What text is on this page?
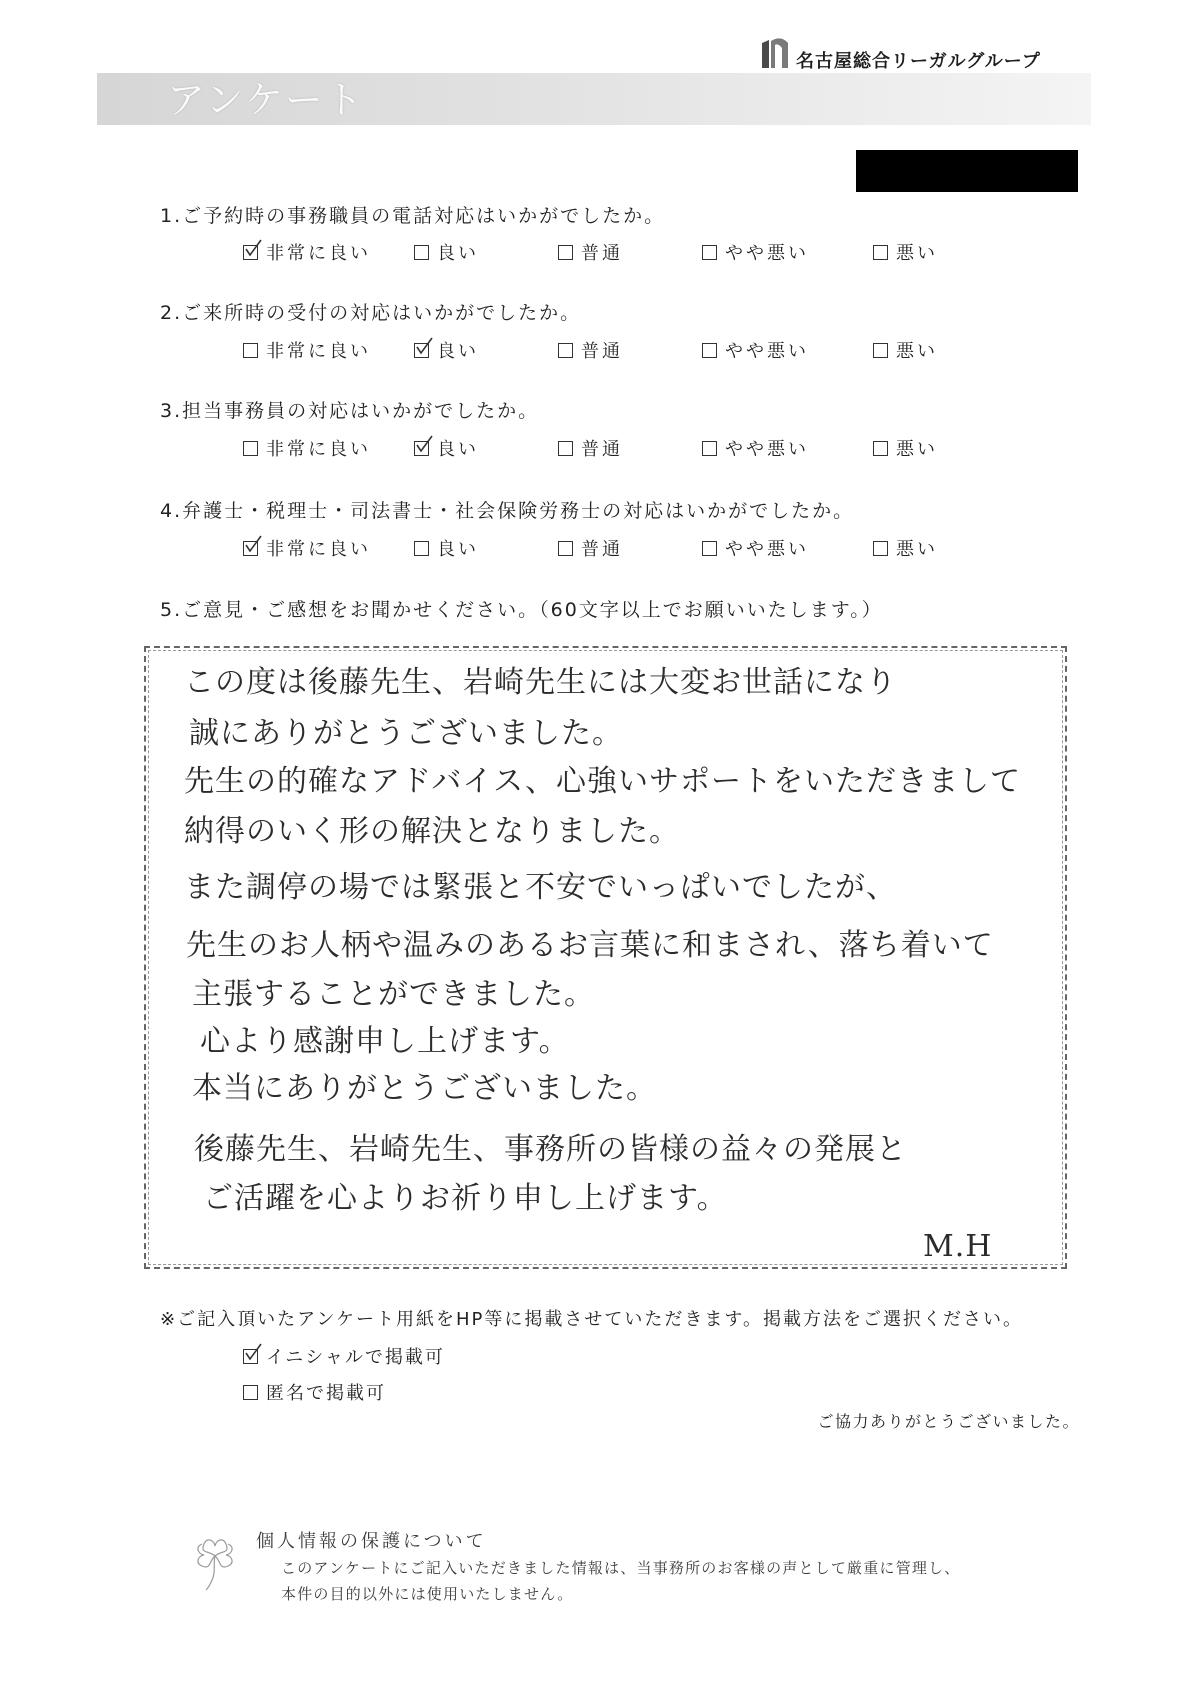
名古屋総合リーガルグループ
アンケート
1.ご予約時の事務職員の電話対応はいかがでしたか。
非常に良い	良い	普通	やや悪い	悪い
2.ご来所時の受付の対応はいかがでしたか。
非常に良い	良い	普通	やや悪い	悪い
3.担当事務員の対応はいかがでしたか。
非常に良い	良い	普通	やや悪い	悪い
4.弁護士・税理士・司法書士・社会保険労務士の対応はいかがでしたか。
非常に良い	良い	普通	やや悪い	悪い
5.ご意見・ご感想をお聞かせください。（60文字以上でお願いいたします。）
この度は後藤先生、岩崎先生には大変お世話になり
誠にありがとうございました。
先生の的確なアドバイス、心強いサポートをいただきまして
納得のいく形の解決となりました。
また調停の場では緊張と不安でいっぱいでしたが、
先生のお人柄や温みのあるお言葉に和まされ、落ち着いて
主張することができました。
心より感謝申し上げます。
本当にありがとうございました。
後藤先生、岩崎先生、事務所の皆様の益々の発展と
ご活躍を心よりお祈り申し上げます。
M.H
※ご記入頂いたアンケート用紙をHP等に掲載させていただきます。掲載方法をご選択ください。
イニシャルで掲載可
匿名で掲載可
ご協力ありがとうございました。
個人情報の保護について
このアンケートにご記入いただきました情報は、当事務所のお客様の声として厳重に管理し、
本件の目的以外には使用いたしません。
